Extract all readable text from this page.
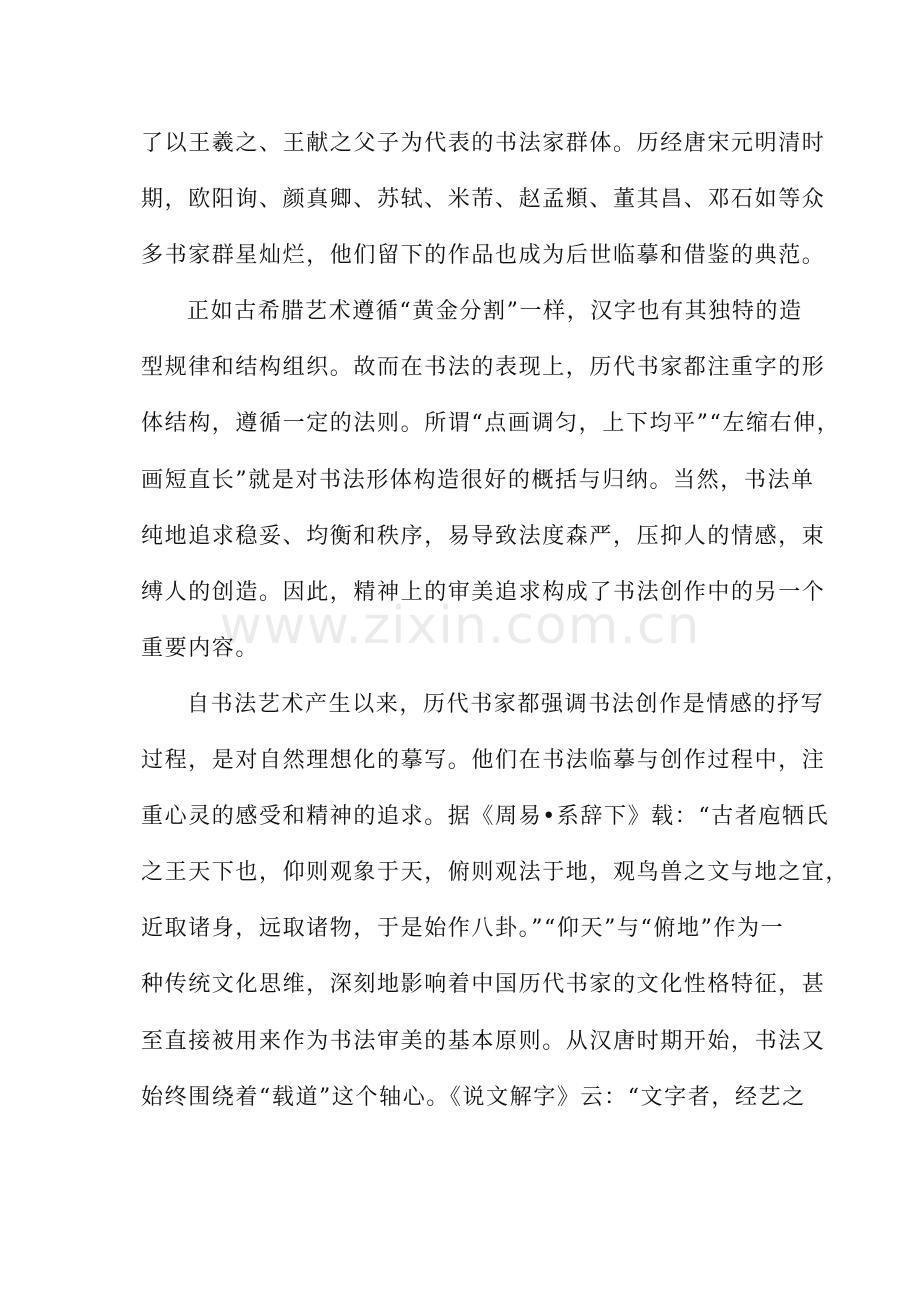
了以王羲之、王献之父子为代表的书法家群体。历经唐宋元明清时
期，欧阳询、颜真卿、苏轼、米芾、赵孟頫、董其昌、邓石如等众
多书家群星灿烂，他们留下的作品也成为后世临摹和借鉴的典范。
正如古希腊艺术遵循“黄金分割”一样，汉字也有其独特的造
型规律和结构组织。故而在书法的表现上，历代书家都注重字的形
体结构，遵循一定的法则。所谓“点画调匀，上下均平”“左缩右伸，
画短直长”就是对书法形体构造很好的概括与归纳。当然，书法单
纯地追求稳妥、均衡和秩序，易导致法度森严，压抑人的情感，束
缚人的创造。因此，精神上的审美追求构成了书法创作中的另一个
重要内容。
自书法艺术产生以来，历代书家都强调书法创作是情感的抒写
过程，是对自然理想化的摹写。他们在书法临摹与创作过程中，注
重心灵的感受和精神的追求。据《周易•系辞下》载：“古者庖牺氏
之王天下也，仰则观象于天，俯则观法于地，观鸟兽之文与地之宜，
近取诸身，远取诸物，于是始作八卦。”“仰天”与“俯地”作为一
种传统文化思维，深刻地影响着中国历代书家的文化性格特征，甚
至直接被用来作为书法审美的基本原则。从汉唐时期开始，书法又
始终围绕着“载道”这个轴心。《说文解字》云：“文字者，经艺之
www.zixin.com.cn
